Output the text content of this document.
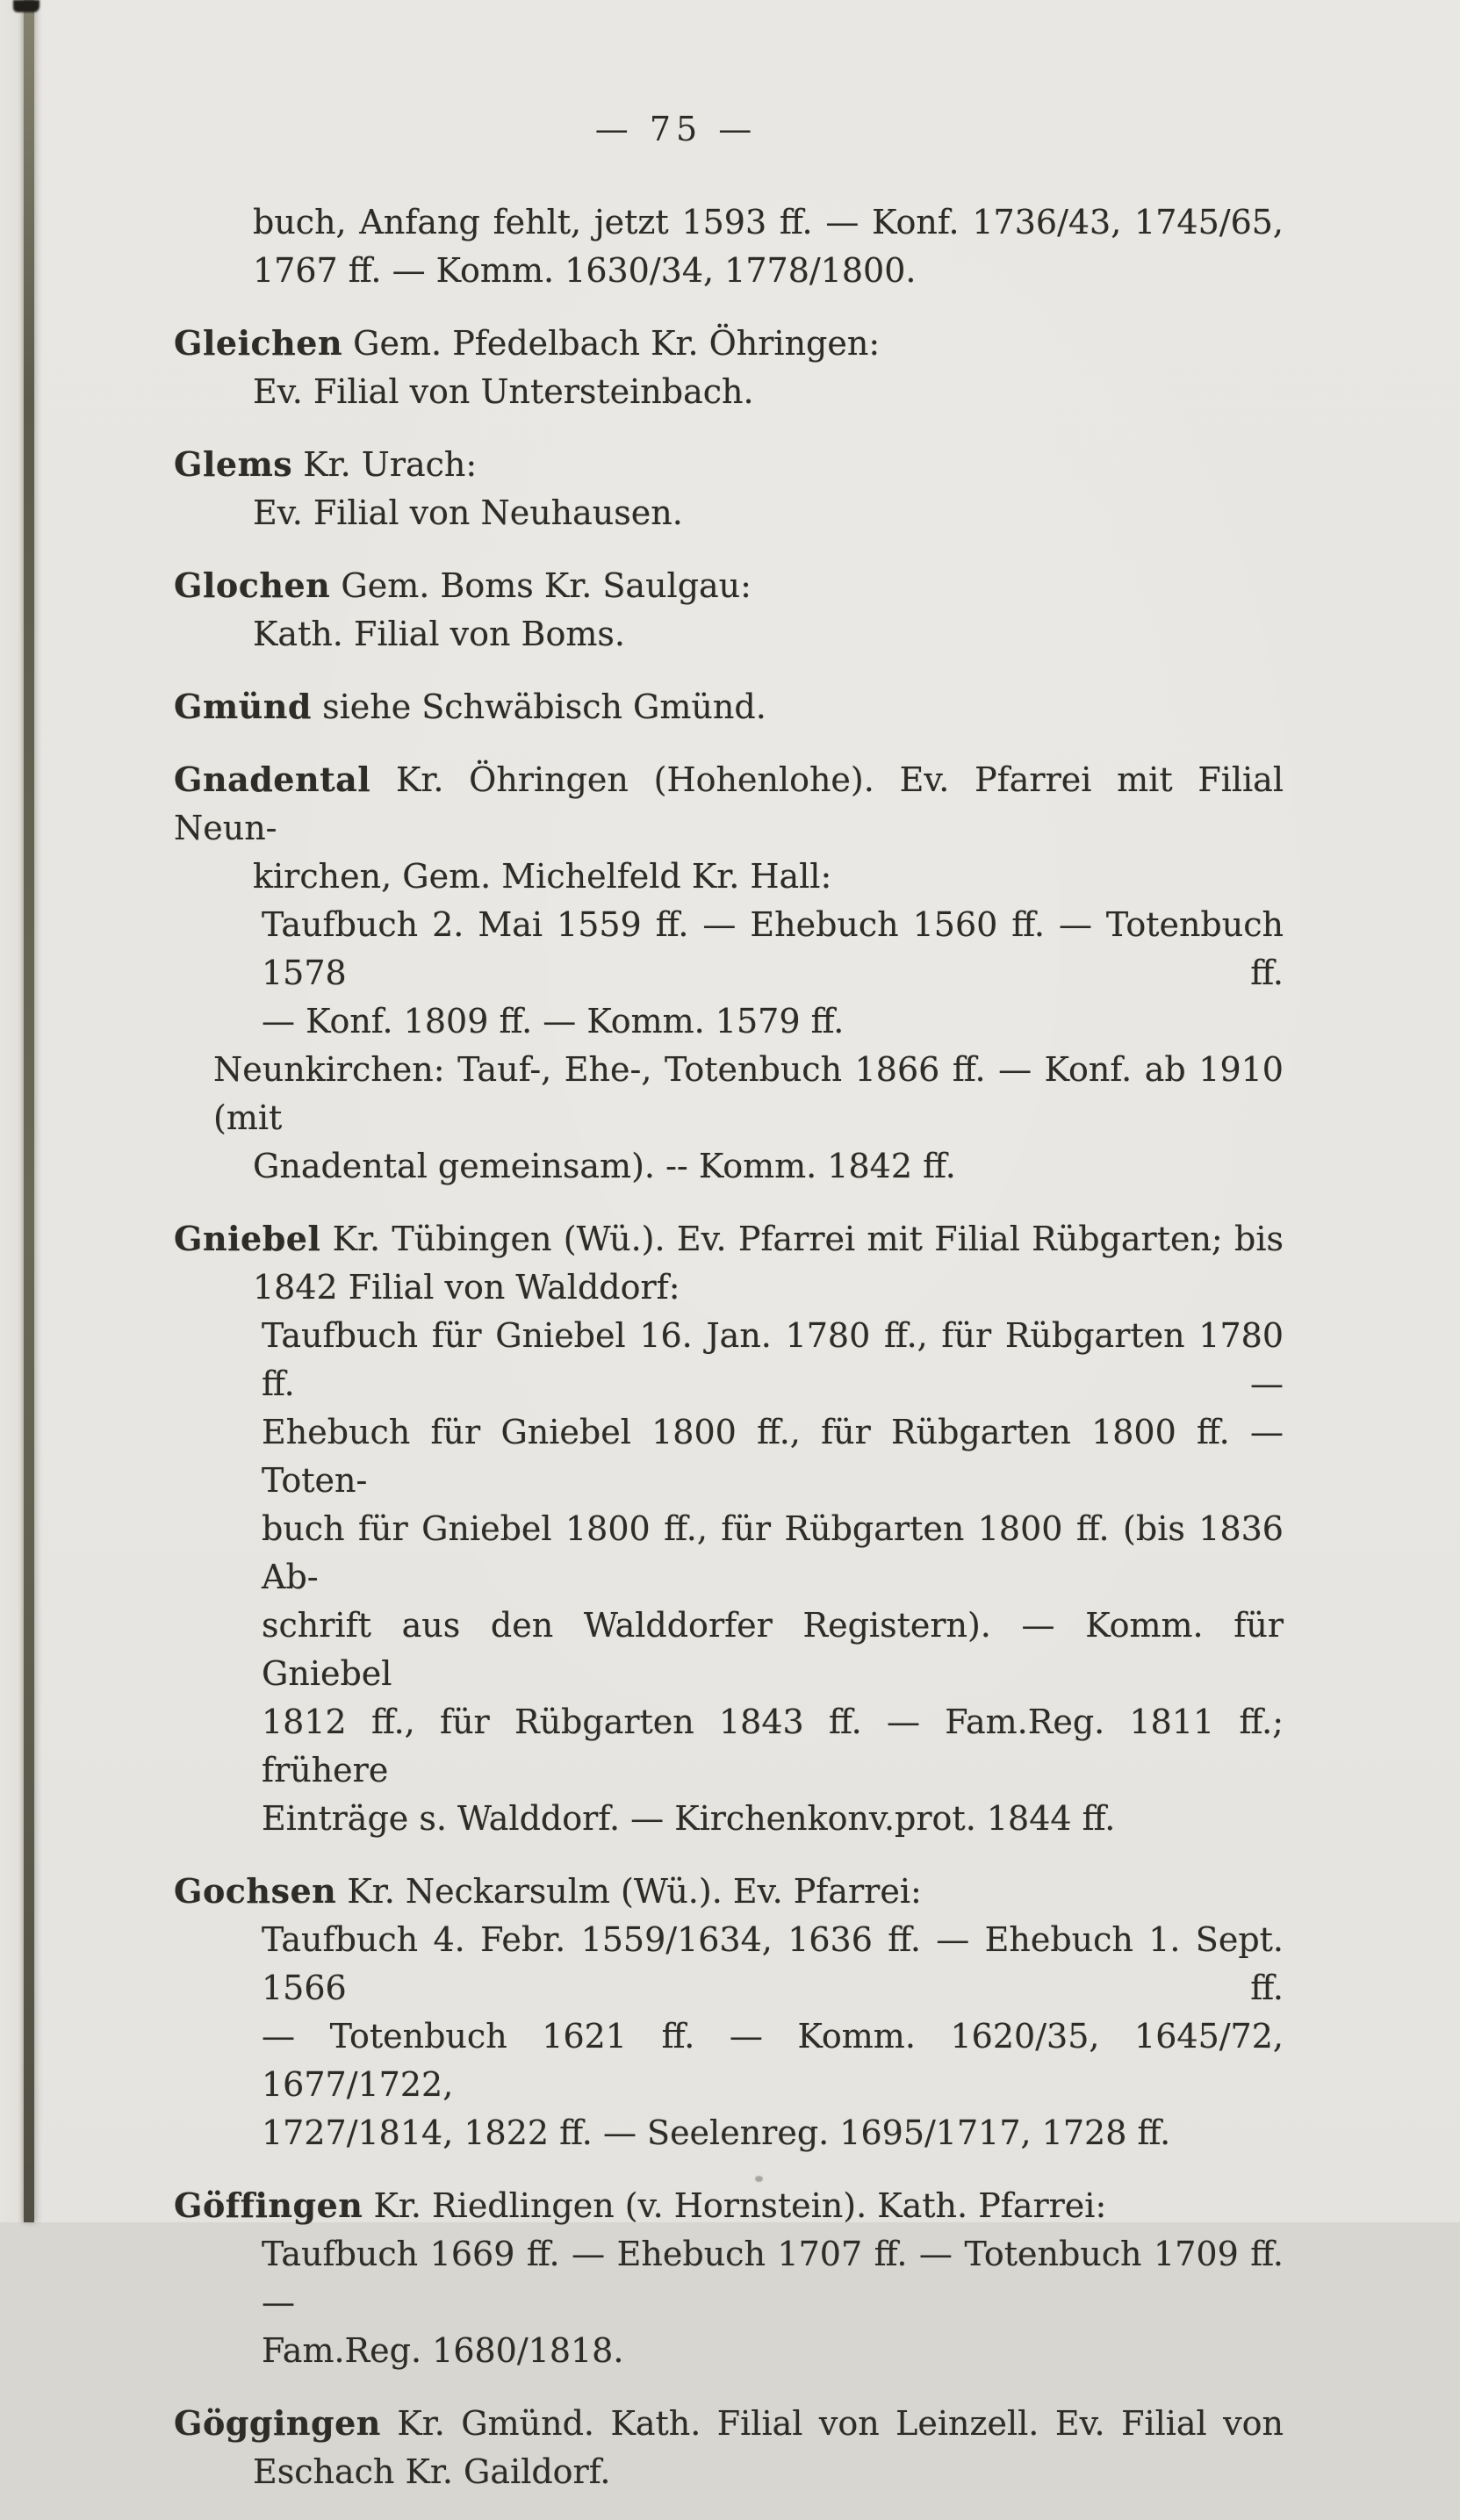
— 75 —
buch, Anfang fehlt, jetzt 1593 ff. — Konf. 1736/43, 1745/65,
1767 ff. — Komm. 1630/34, 1778/1800.
Gleichen Gem. Pfedelbach Kr. Öhringen:
Ev. Filial von Untersteinbach.
Glems Kr. Urach:
Ev. Filial von Neuhausen.
Glochen Gem. Boms Kr. Saulgau:
Kath. Filial von Boms.
Gmünd siehe Schwäbisch Gmünd.
Gnadental Kr. Öhringen (Hohenlohe). Ev. Pfarrei mit Filial Neun-
kirchen, Gem. Michelfeld Kr. Hall:
Taufbuch 2. Mai 1559 ff. — Ehebuch 1560 ff. — Totenbuch 1578 ff.
— Konf. 1809 ff. — Komm. 1579 ff.
Neunkirchen: Tauf-, Ehe-, Totenbuch 1866 ff. — Konf. ab 1910 (mit
Gnadental gemeinsam). -- Komm. 1842 ff.
Gniebel Kr. Tübingen (Wü.). Ev. Pfarrei mit Filial Rübgarten; bis
1842 Filial von Walddorf:
Taufbuch für Gniebel 16. Jan. 1780 ff., für Rübgarten 1780 ff. —
Ehebuch für Gniebel 1800 ff., für Rübgarten 1800 ff. — Toten-
buch für Gniebel 1800 ff., für Rübgarten 1800 ff. (bis 1836 Ab-
schrift aus den Walddorfer Registern). — Komm. für Gniebel
1812 ff., für Rübgarten 1843 ff. — Fam.Reg. 1811 ff.; frühere
Einträge s. Walddorf. — Kirchenkonv.prot. 1844 ff.
Gochsen Kr. Neckarsulm (Wü.). Ev. Pfarrei:
Taufbuch 4. Febr. 1559/1634, 1636 ff. — Ehebuch 1. Sept. 1566 ff.
— Totenbuch 1621 ff. — Komm. 1620/35, 1645/72, 1677/1722,
1727/1814, 1822 ff. — Seelenreg. 1695/1717, 1728 ff.
Göffingen Kr. Riedlingen (v. Hornstein). Kath. Pfarrei:
Taufbuch 1669 ff. — Ehebuch 1707 ff. — Totenbuch 1709 ff. —
Fam.Reg. 1680/1818.
Göggingen Kr. Gmünd. Kath. Filial von Leinzell. Ev. Filial von
Eschach Kr. Gaildorf.
